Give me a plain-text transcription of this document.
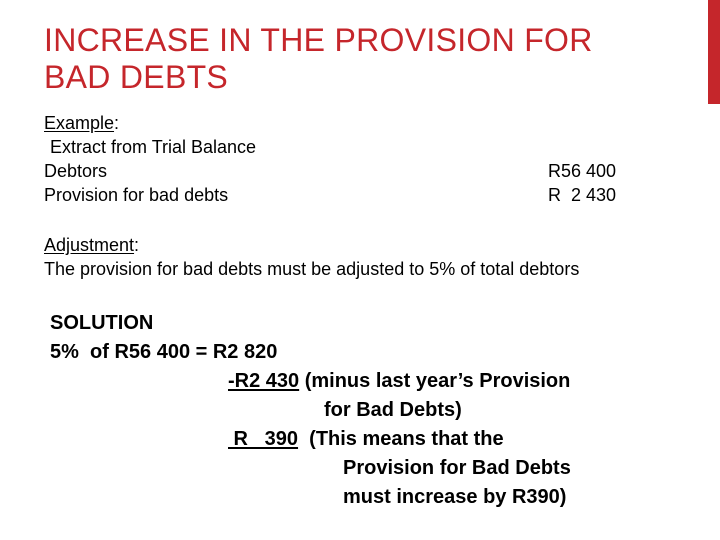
INCREASE IN THE PROVISION FOR
BAD DEBTS
Example:
Extract from Trial Balance
Debtors	R56 400
Provision for bad debts	R  2 430
Adjustment:
The provision for bad debts must be adjusted to 5% of total debtors
SOLUTION
5%  of R56 400 = R2 820
-R2 430 (minus last year’s Provision
for Bad Debts)
R   390  (This means that the
Provision for Bad Debts
must increase by R390)
